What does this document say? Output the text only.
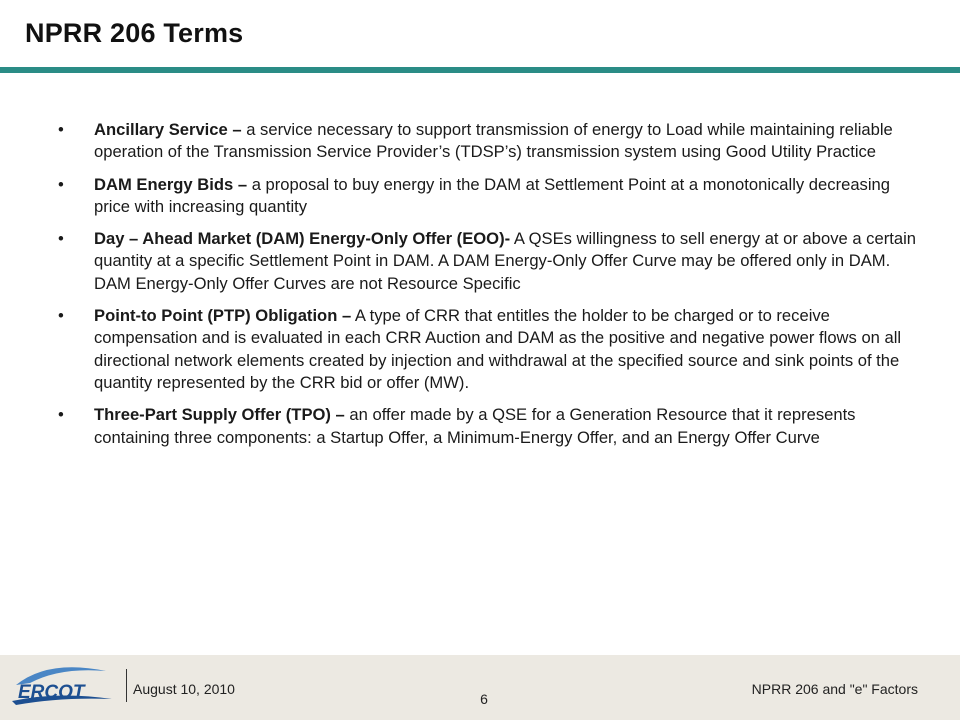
NPRR 206 Terms
• Ancillary Service – a service necessary to support transmission of energy to Load while maintaining reliable operation of the Transmission Service Provider’s (TDSP’s) transmission system using Good Utility Practice
• DAM Energy Bids – a proposal to buy energy in the DAM at Settlement Point at a monotonically decreasing price with increasing quantity
• Day – Ahead Market (DAM) Energy-Only Offer (EOO)- A QSEs willingness to sell energy at or above a certain quantity at a specific Settlement Point in DAM. A DAM Energy-Only Offer Curve may be offered only in DAM. DAM Energy-Only Offer Curves are not Resource Specific
• Point-to Point (PTP) Obligation – A type of CRR that entitles the holder to be charged or to receive compensation and is evaluated in each CRR Auction and DAM as the positive and negative power flows on all directional network elements created by injection and withdrawal at the specified source and sink points of the quantity represented by the CRR bid or offer (MW).
• Three-Part Supply Offer (TPO) – an offer made by a QSE for a Generation Resource that it represents containing three components: a Startup Offer, a Minimum-Energy Offer, and an Energy Offer Curve
ERCOT	August 10, 2010
6
NPRR 206 and "e" Factors
